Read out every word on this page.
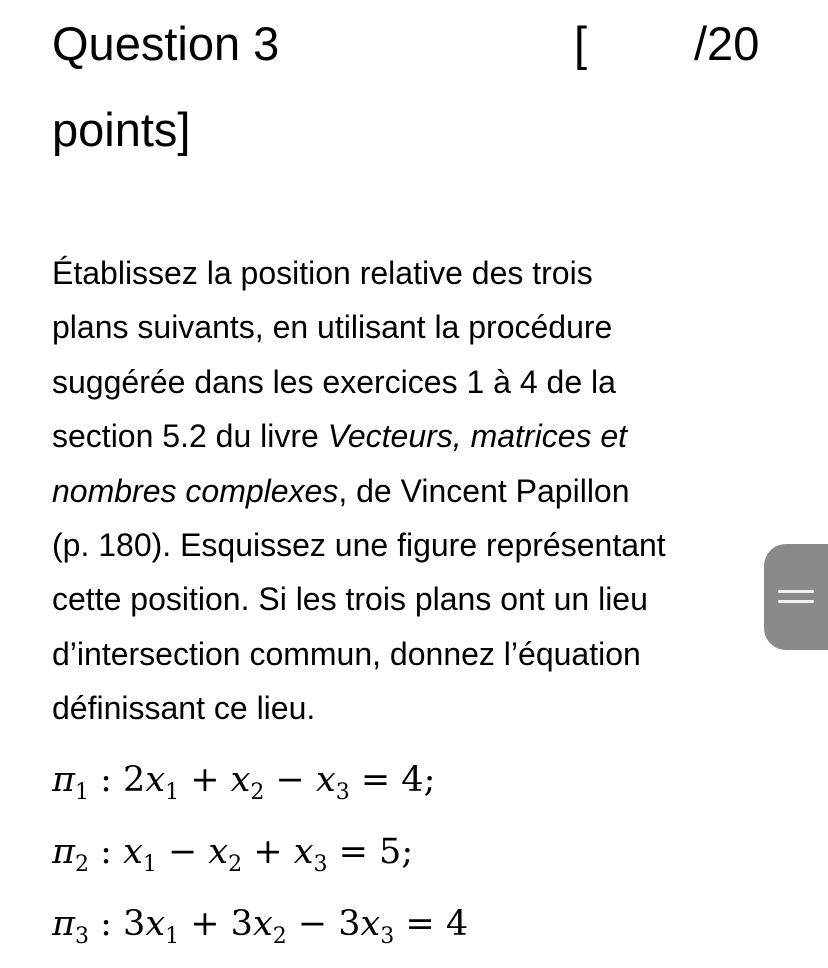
Question 3	[ /20
points]
Établissez la position relative des trois
plans suivants, en utilisant la procédure
suggérée dans les exercices 1 à 4 de la
section 5.2 du livre Vecteurs, matrices et
nombres complexes, de Vincent Papillon
(p. 180). Esquissez une figure représentant
cette position. Si les trois plans ont un lieu
d’intersection commun, donnez l’équation
définissant ce lieu.
$\pi_1$ : $2x_1 + x_2 - x_3 = 4$;
$\pi_2$ : $x_1 - x_2 + x_3 = 5$;
$\pi_3$ : $3x_1 + 3x_2 - 3x_3 = 4$
